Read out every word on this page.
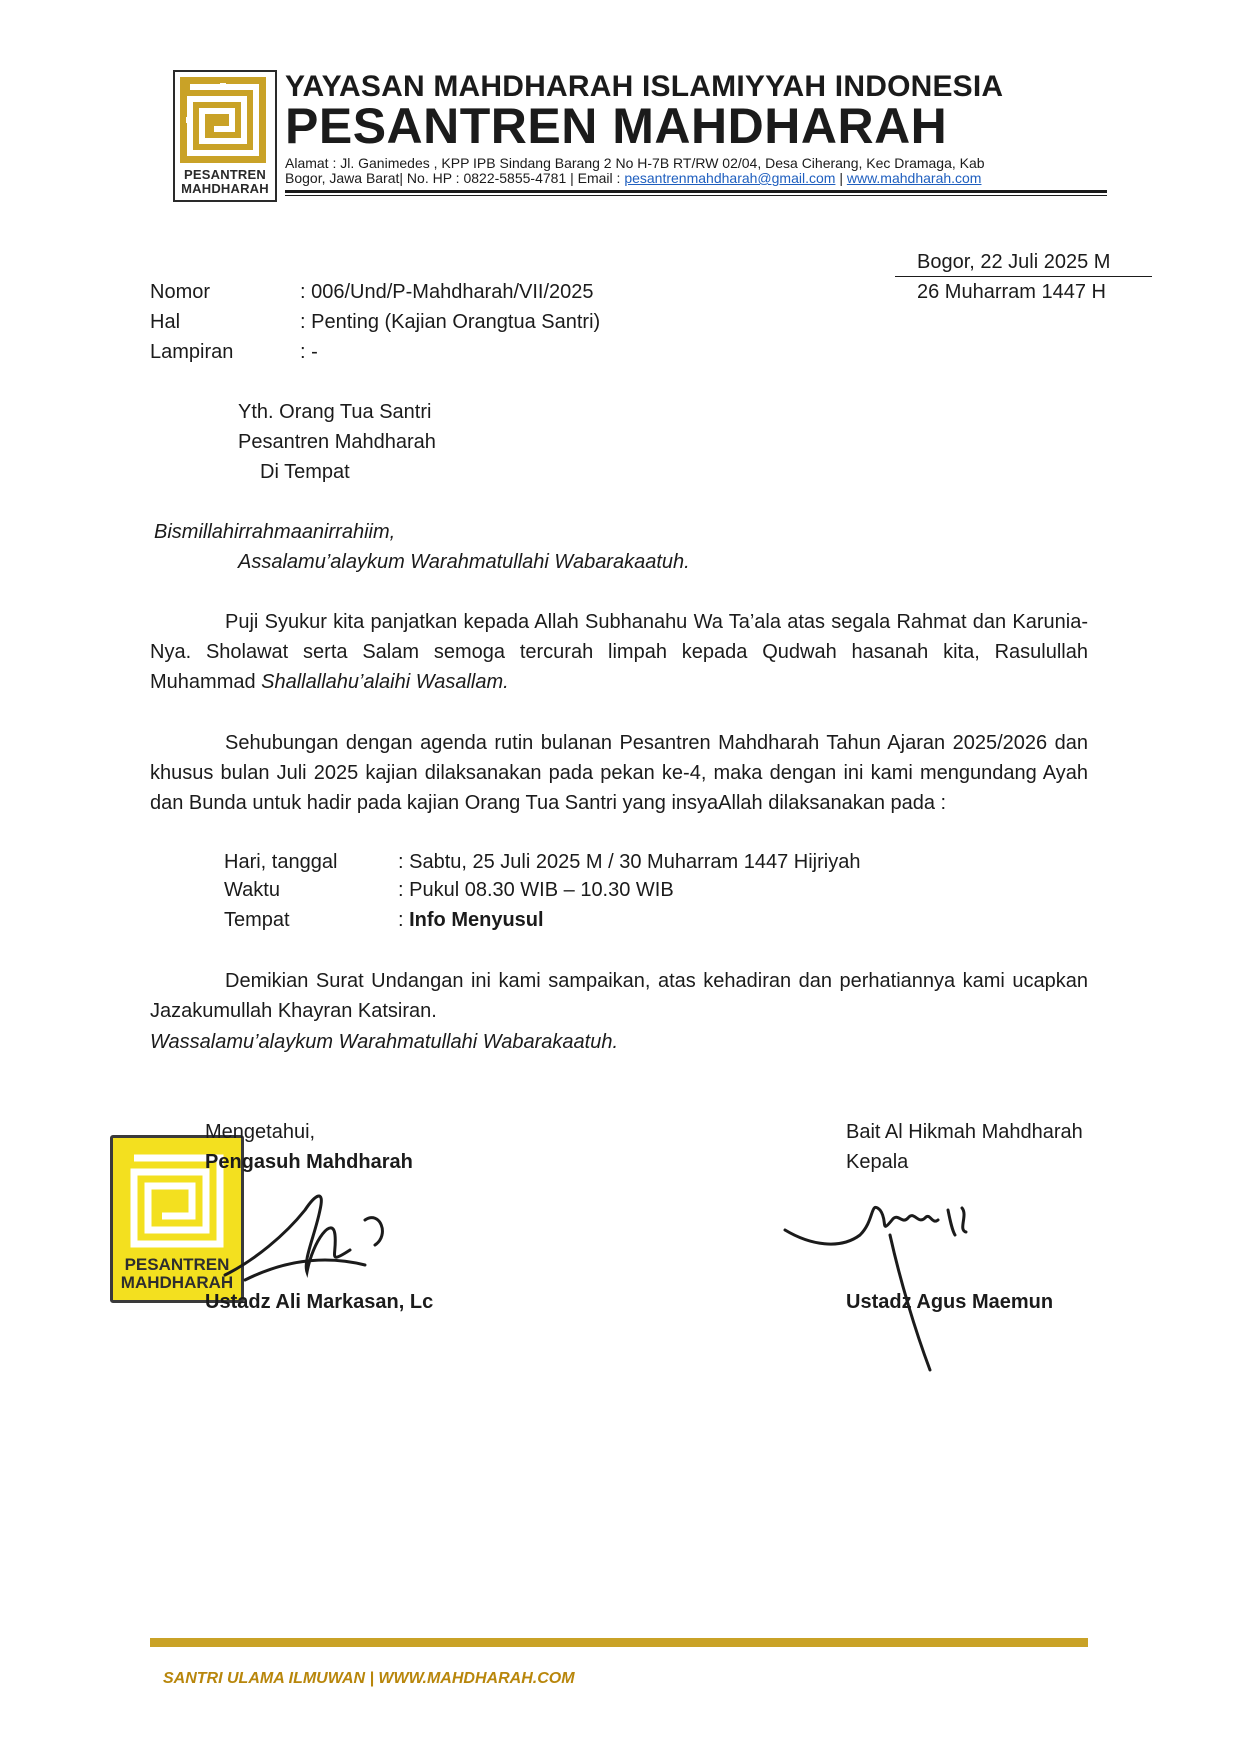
PESANTREN
MAHDHARAH
YAYASAN MAHDHARAH ISLAMIYYAH INDONESIA
PESANTREN MAHDHARAH
Alamat : Jl. Ganimedes , KPP IPB Sindang Barang 2 No H-7B RT/RW 02/04, Desa Ciherang, Kec Dramaga, Kab
Bogor, Jawa Barat| No. HP : 0822-5855-4781 | Email : pesantrenmahdharah@gmail.com | www.mahdharah.com
Bogor, 22 Juli 2025 M
26 Muharram 1447 H
Nomor	: 006/Und/P-Mahdharah/VII/2025
Hal	: Penting (Kajian Orangtua Santri)
Lampiran	: -
Yth. Orang Tua Santri
Pesantren Mahdharah
Di Tempat
Bismillahirrahmaanirrahiim,
Assalamu’alaykum Warahmatullahi Wabarakaatuh.
Puji Syukur kita panjatkan kepada Allah Subhanahu Wa Ta’ala atas segala Rahmat dan Karunia-Nya. Sholawat serta Salam semoga tercurah limpah kepada Qudwah hasanah kita, Rasulullah Muhammad Shallallahu’alaihi Wasallam.
Sehubungan dengan agenda rutin bulanan Pesantren Mahdharah Tahun Ajaran 2025/2026 dan khusus bulan Juli 2025 kajian dilaksanakan pada pekan ke-4, maka dengan ini kami mengundang Ayah dan Bunda untuk hadir pada kajian Orang Tua Santri yang insyaAllah dilaksanakan pada :
Hari, tanggal	: Sabtu, 25 Juli 2025 M / 30 Muharram 1447 Hijriyah
Waktu	: Pukul 08.30 WIB – 10.30 WIB
Tempat	: Info Menyusul
Demikian Surat Undangan ini kami sampaikan, atas kehadiran dan perhatiannya kami ucapkan Jazakumullah Khayran Katsiran.
Wassalamu’alaykum Warahmatullahi Wabarakaatuh.
PESANTREN
MAHDHARAH
Mengetahui,
Pengasuh Mahdharah
Ustadz Ali Markasan, Lc
Bait Al Hikmah Mahdharah
Kepala
Ustadz Agus Maemun
SANTRI ULAMA ILMUWAN | WWW.MAHDHARAH.COM
